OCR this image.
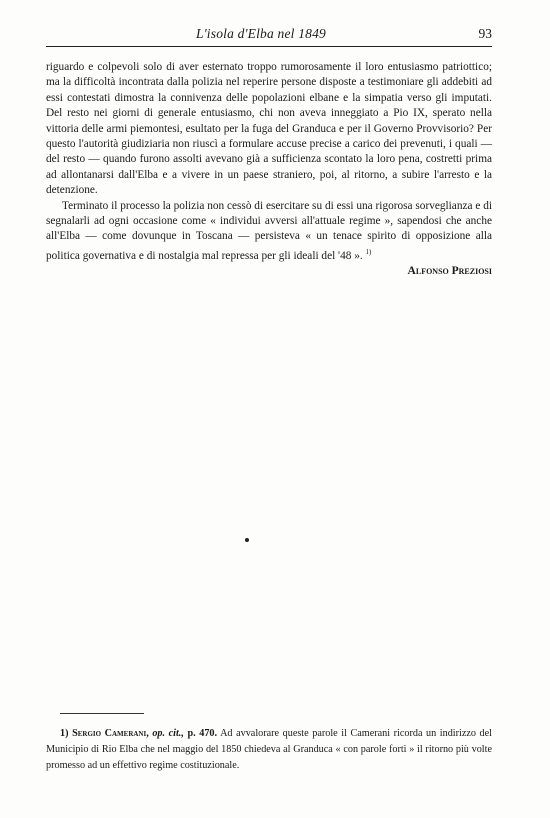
L'isola d'Elba nel 1849	93

riguardo e colpevoli solo di aver esternato troppo rumorosamente il loro entusiasmo patriottico; ma la difficoltà incontrata dalla polizia nel reperire persone disposte a testimoniare gli addebiti ad essi contestati dimostra la connivenza delle popolazioni elbane e la simpatia verso gli imputati. Del resto nei giorni di generale entusiasmo, chi non aveva inneggiato a Pio IX, sperato nella vittoria delle armi piemontesi, esultato per la fuga del Granduca e per il Governo Provvisorio? Per questo l'autorità giudiziaria non riuscì a formulare accuse precise a carico dei prevenuti, i quali — del resto — quando furono assolti avevano già a sufficienza scontato la loro pena, costretti prima ad allontanarsi dall'Elba e a vivere in un paese straniero, poi, al ritorno, a subire l'arresto e la detenzione.

Terminato il processo la polizia non cessò di esercitare su di essi una rigorosa sorveglianza e di segnalarli ad ogni occasione come « individui avversi all'attuale regime », sapendosi che anche all'Elba — come dovunque in Toscana — persisteva « un tenace spirito di opposizione alla politica governativa e di nostalgia mal repressa per gli ideali del '48 ». $^{1)}$

Alfonso Preziosi

1) Sergio Camerani, op. cit., p. 470. Ad avvalorare queste parole il Camerani ricorda un indirizzo del Municipio di Rio Elba che nel maggio del 1850 chiedeva al Granduca « con parole forti » il ritorno più volte promesso ad un effettivo regime costituzionale.
